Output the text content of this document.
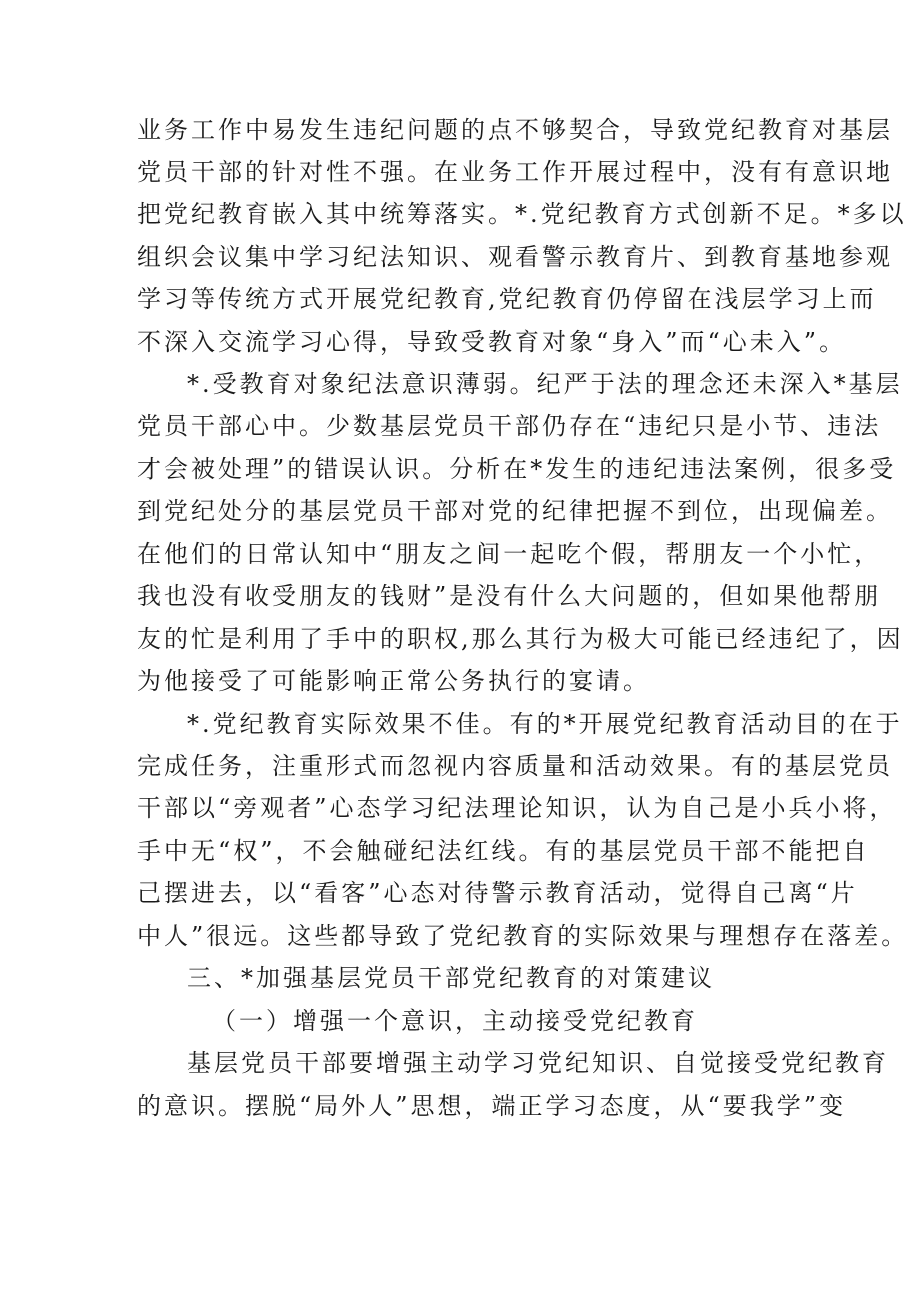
业务工作中易发生违纪问题的点不够契合，导致党纪教育对基层
党员干部的针对性不强。在业务工作开展过程中，没有有意识地
把党纪教育嵌入其中统筹落实。*.党纪教育方式创新不足。*多以
组织会议集中学习纪法知识、观看警示教育片、到教育基地参观
学习等传统方式开展党纪教育,党纪教育仍停留在浅层学习上而
不深入交流学习心得，导致受教育对象“身入”而“心未入”。
*.受教育对象纪法意识薄弱。纪严于法的理念还未深入*基层
党员干部心中。少数基层党员干部仍存在“违纪只是小节、违法
才会被处理”的错误认识。分析在*发生的违纪违法案例，很多受
到党纪处分的基层党员干部对党的纪律把握不到位，出现偏差。
在他们的日常认知中“朋友之间一起吃个假，帮朋友一个小忙，
我也没有收受朋友的钱财”是没有什么大问题的，但如果他帮朋
友的忙是利用了手中的职权,那么其行为极大可能已经违纪了，因
为他接受了可能影响正常公务执行的宴请。
*.党纪教育实际效果不佳。有的*开展党纪教育活动目的在于
完成任务，注重形式而忽视内容质量和活动效果。有的基层党员
干部以“旁观者”心态学习纪法理论知识，认为自己是小兵小将，
手中无“权”，不会触碰纪法红线。有的基层党员干部不能把自
己摆进去，以“看客”心态对待警示教育活动，觉得自己离“片
中人”很远。这些都导致了党纪教育的实际效果与理想存在落差。
三、*加强基层党员干部党纪教育的对策建议
（一）增强一个意识，主动接受党纪教育
基层党员干部要增强主动学习党纪知识、自觉接受党纪教育
的意识。摆脱“局外人”思想，端正学习态度，从“要我学”变
